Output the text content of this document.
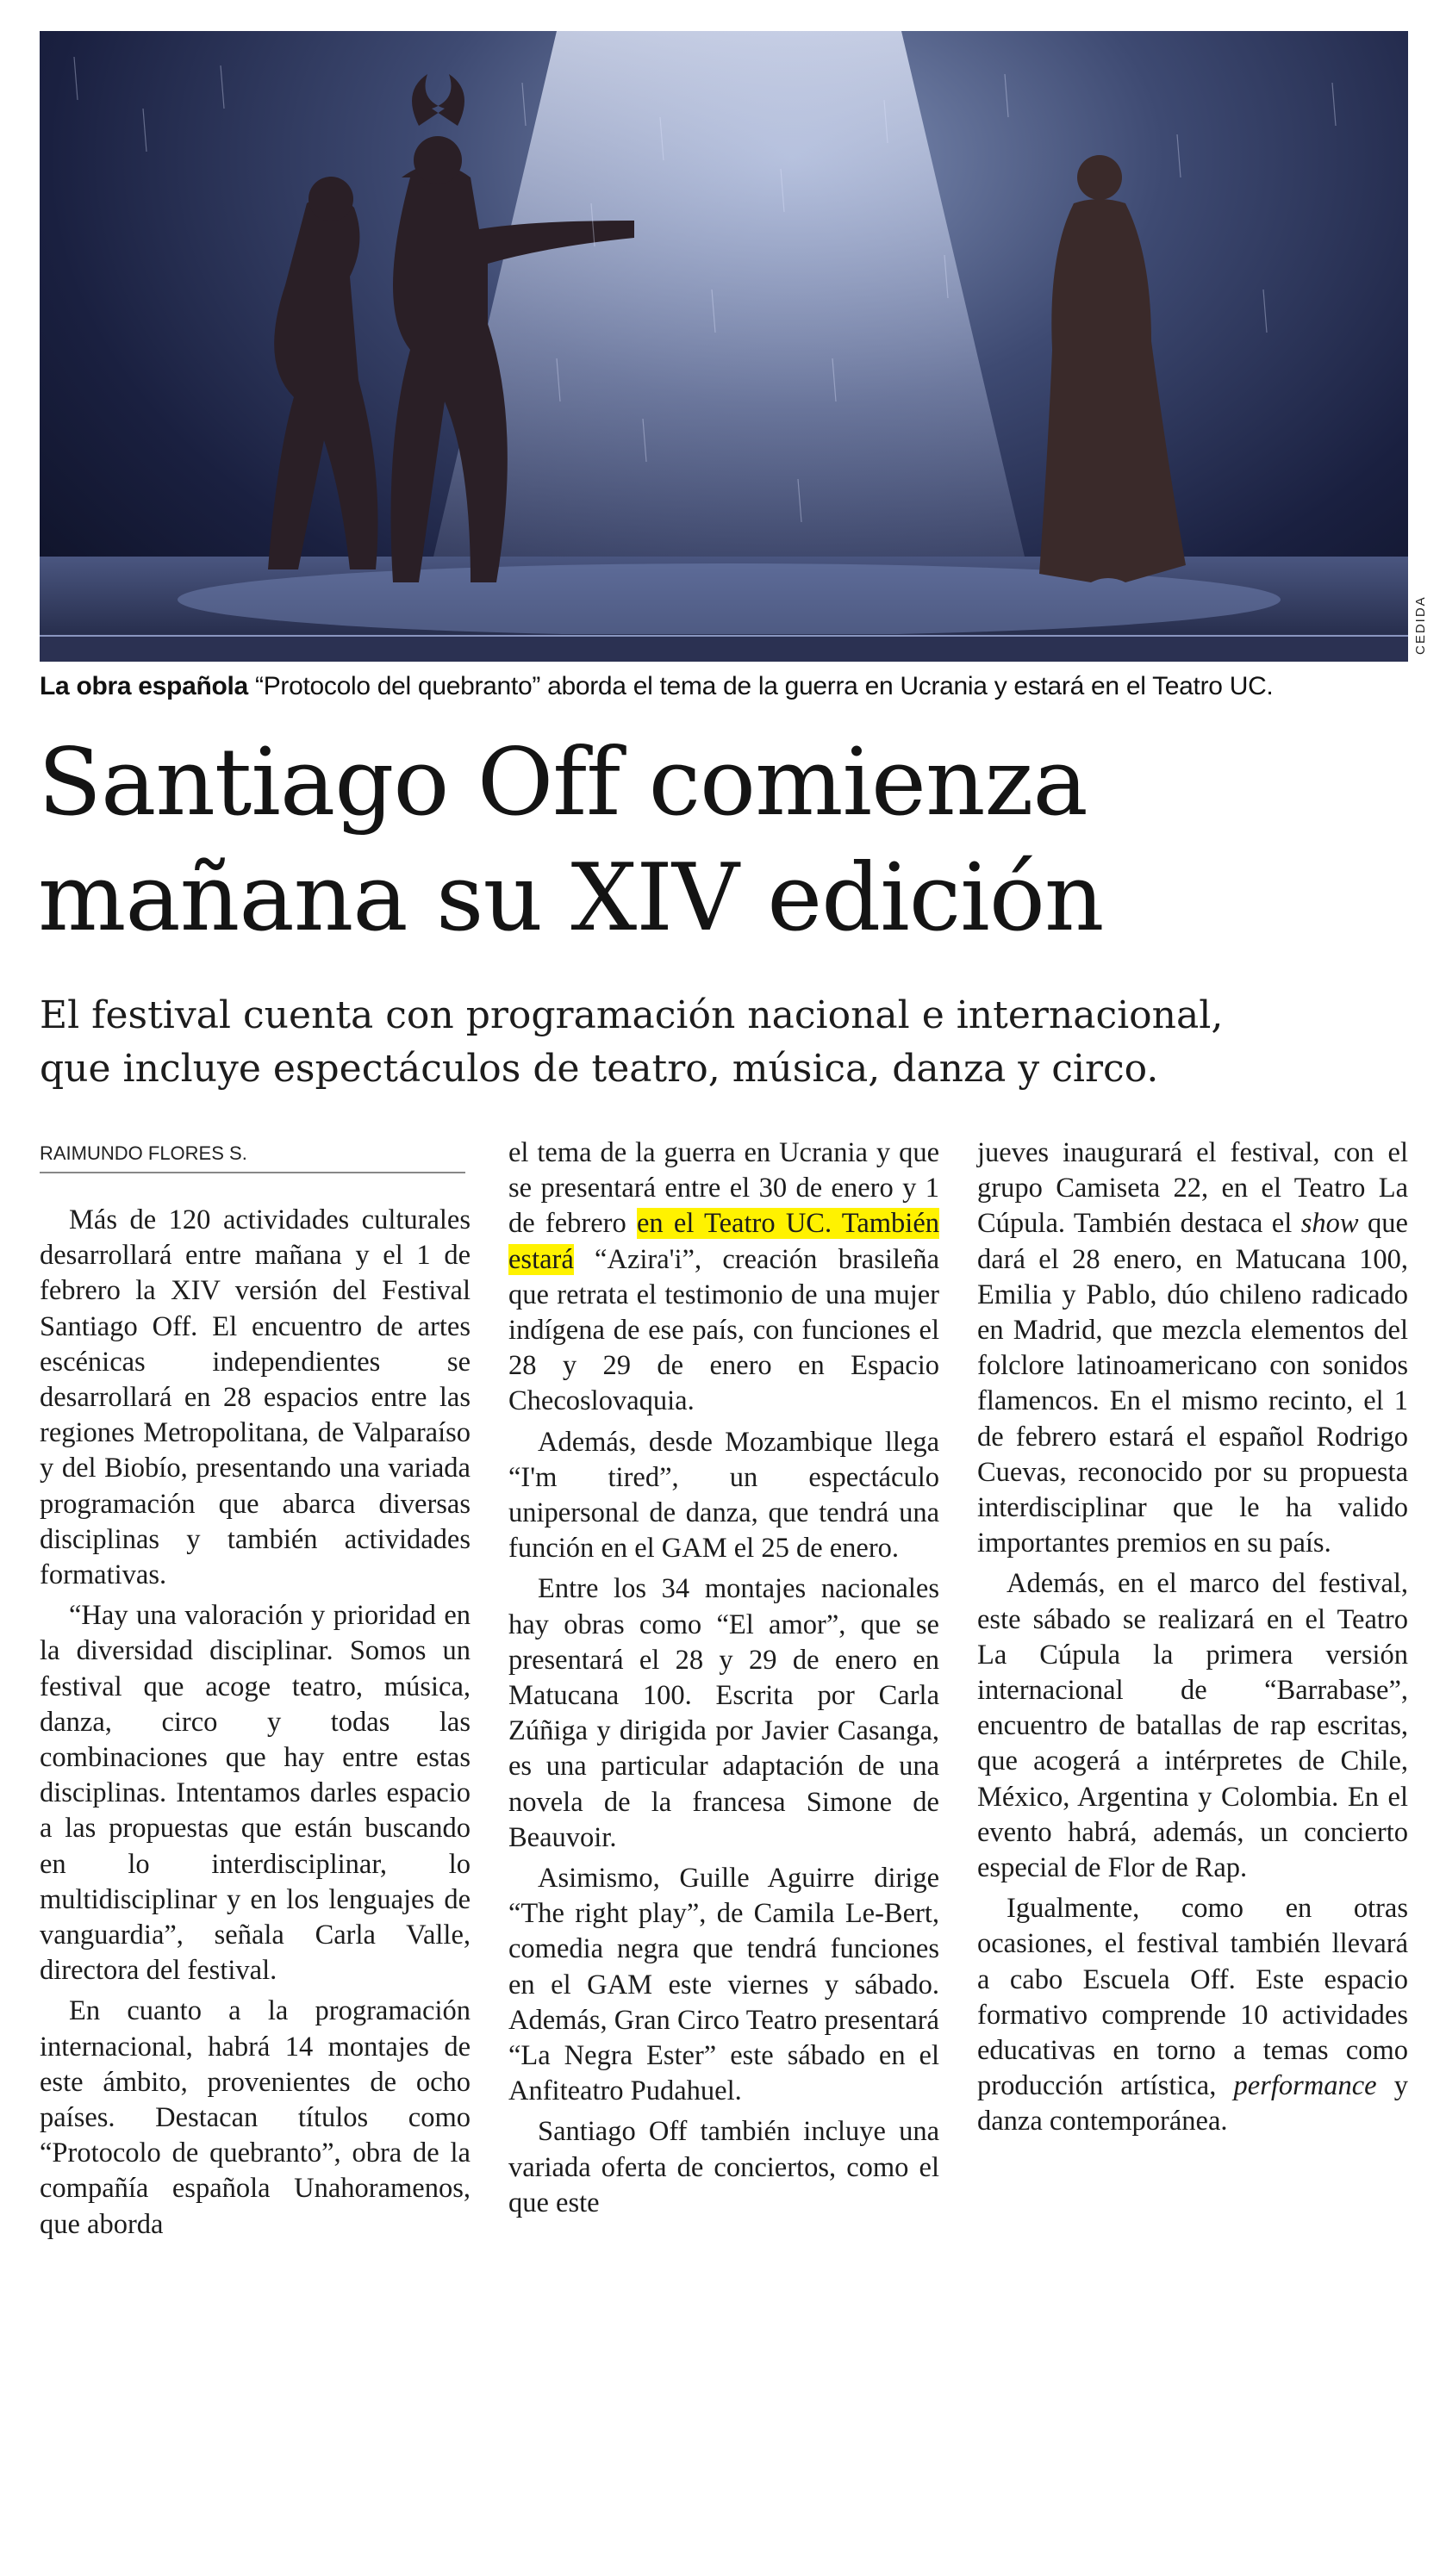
CEDIDA
La obra española “Protocolo del quebranto” aborda el tema de la guerra en Ucrania y estará en el Teatro UC.
Santiago Off comienza
mañana su XIV edición
El festival cuenta con programación nacional e internacional,
que incluye espectáculos de teatro, música, danza y circo.
RAIMUNDO FLORES S.

Más de 120 actividades culturales desarrollará entre mañana y el 1 de febrero la XIV versión del Festival Santiago Off. El encuentro de artes escénicas independientes se desarrollará en 28 espacios entre las regiones Metropolitana, de Valparaíso y del Biobío, presentando una variada programación que abarca diversas disciplinas y también actividades formativas.

“Hay una valoración y prioridad en la diversidad disciplinar. Somos un festival que acoge teatro, música, danza, circo y todas las combinaciones que hay entre estas disciplinas. Intentamos darles espacio a las propuestas que están buscando en lo interdisciplinar, lo multidisciplinar y en los lenguajes de vanguardia”, señala Carla Valle, directora del festival.

En cuanto a la programación internacional, habrá 14 montajes de este ámbito, provenientes de ocho países. Destacan títulos como “Protocolo de quebranto”, obra de la compañía española Unahoramenos, que aborda

el tema de la guerra en Ucrania y que se presentará entre el 30 de enero y 1 de febrero en el Teatro UC. También estará “Azira'i”, creación brasileña que retrata el testimonio de una mujer indígena de ese país, con funciones el 28 y 29 de enero en Espacio Checoslovaquia.

Además, desde Mozambique llega “I'm tired”, un espectáculo unipersonal de danza, que tendrá una función en el GAM el 25 de enero.

Entre los 34 montajes nacionales hay obras como “El amor”, que se presentará el 28 y 29 de enero en Matucana 100. Escrita por Carla Zúñiga y dirigida por Javier Casanga, es una particular adaptación de una novela de la francesa Simone de Beauvoir.

Asimismo, Guille Aguirre dirige “The right play”, de Camila Le-Bert, comedia negra que tendrá funciones en el GAM este viernes y sábado. Además, Gran Circo Teatro presentará “La Negra Ester” este sábado en el Anfiteatro Pudahuel.

Santiago Off también incluye una variada oferta de conciertos, como el que este

jueves inaugurará el festival, con el grupo Camiseta 22, en el Teatro La Cúpula. También destaca el show que dará el 28 enero, en Matucana 100, Emilia y Pablo, dúo chileno radicado en Madrid, que mezcla elementos del folclore latinoamericano con sonidos flamencos. En el mismo recinto, el 1 de febrero estará el español Rodrigo Cuevas, reconocido por su propuesta interdisciplinar que le ha valido importantes premios en su país.

Además, en el marco del festival, este sábado se realizará en el Teatro La Cúpula la primera versión internacional de “Barrabase”, encuentro de batallas de rap escritas, que acogerá a intérpretes de Chile, México, Argentina y Colombia. En el evento habrá, además, un concierto especial de Flor de Rap.

Igualmente, como en otras ocasiones, el festival también llevará a cabo Escuela Off. Este espacio formativo comprende 10 actividades educativas en torno a temas como producción artística, performance y danza contemporánea.
